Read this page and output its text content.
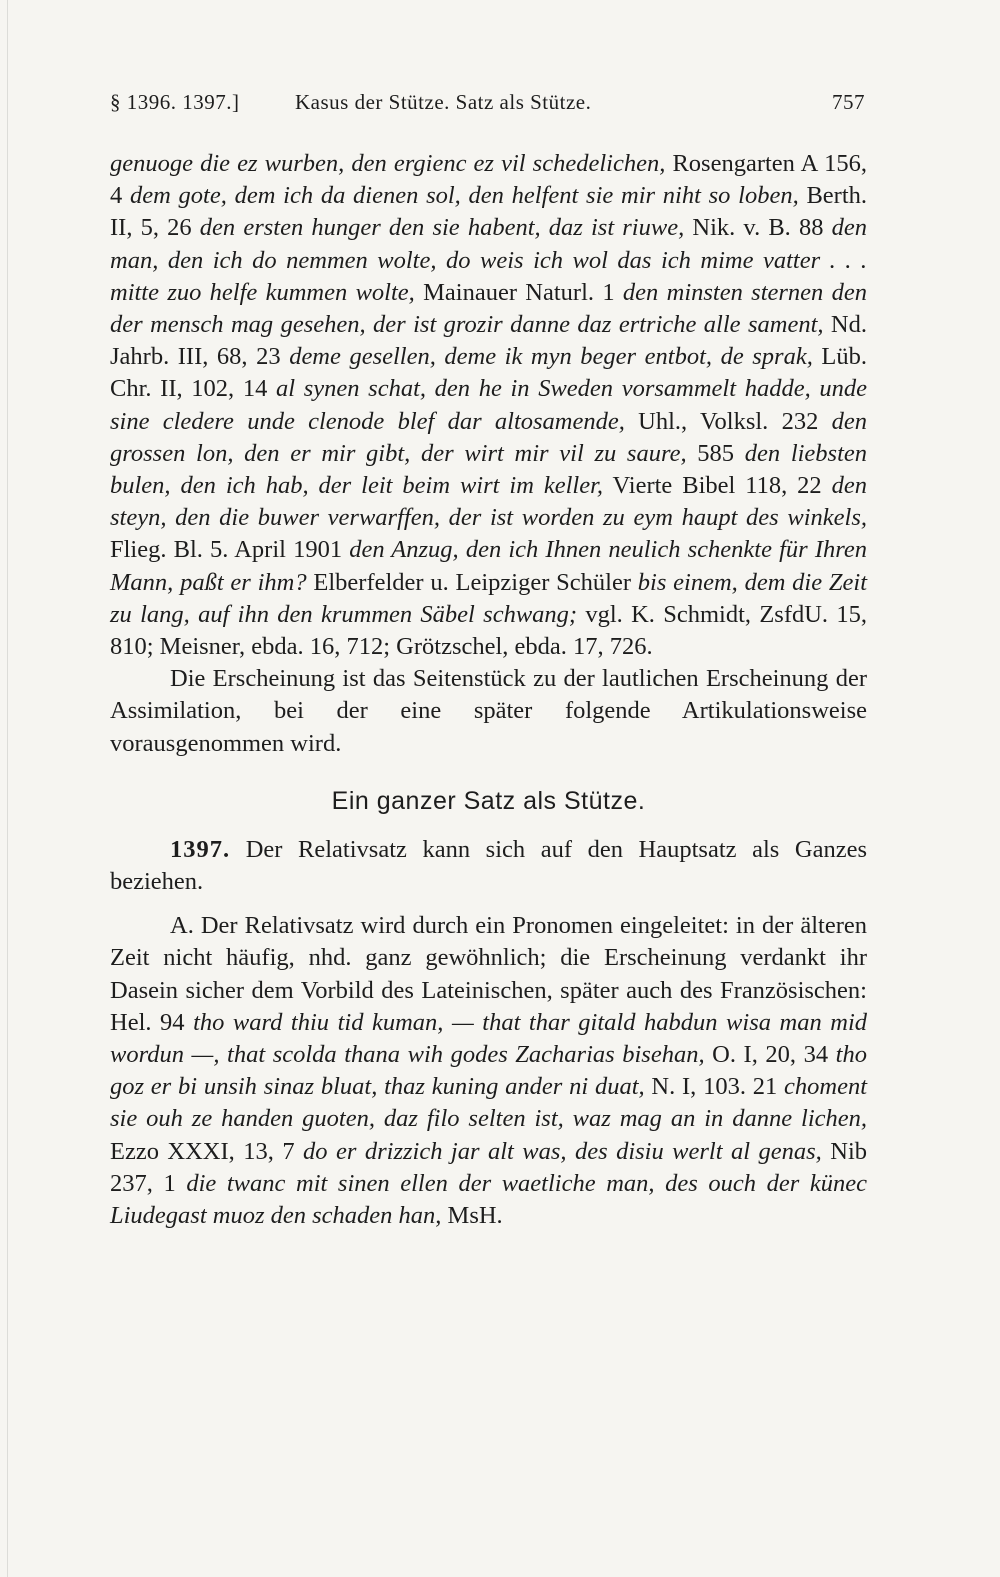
§ 1396. 1397.]	Kasus der Stütze. Satz als Stütze.	757

genuoge die ez wurben, den ergienc ez vil schedelichen, Rosengarten A 156, 4 dem gote, dem ich da dienen sol, den helfent sie mir niht so loben, Berth. II, 5, 26 den ersten hunger den sie habent, daz ist riuwe, Nik. v. B. 88 den man, den ich do nemmen wolte, do weis ich wol das ich mime vatter . . . mitte zuo helfe kummen wolte, Mainauer Naturl. 1 den minsten sternen den der mensch mag gesehen, der ist grozir danne daz ertriche alle sament, Nd. Jahrb. III, 68, 23 deme gesellen, deme ik myn beger entbot, de sprak, Lüb. Chr. II, 102, 14 al synen schat, den he in Sweden vorsammelt hadde, unde sine cledere unde clenode blef dar altosamende, Uhl., Volksl. 232 den grossen lon, den er mir gibt, der wirt mir vil zu saure, 585 den liebsten bulen, den ich hab, der leit beim wirt im keller, Vierte Bibel 118, 22 den steyn, den die buwer verwarffen, der ist worden zu eym haupt des winkels, Flieg. Bl. 5. April 1901 den Anzug, den ich Ihnen neulich schenkte für Ihren Mann, paßt er ihm? Elberfelder u. Leipziger Schüler bis einem, dem die Zeit zu lang, auf ihn den krummen Säbel schwang; vgl. K. Schmidt, ZsfdU. 15, 810; Meisner, ebda. 16, 712; Grötzschel, ebda. 17, 726.

Die Erscheinung ist das Seitenstück zu der lautlichen Erscheinung der Assimilation, bei der eine später folgende Artikulationsweise vorausgenommen wird.

Ein ganzer Satz als Stütze.

1397. Der Relativsatz kann sich auf den Hauptsatz als Ganzes beziehen.

A. Der Relativsatz wird durch ein Pronomen eingeleitet: in der älteren Zeit nicht häufig, nhd. ganz gewöhnlich; die Erscheinung verdankt ihr Dasein sicher dem Vorbild des Lateinischen, später auch des Französischen: Hel. 94 tho ward thiu tid kuman, — that thar gitald habdun wisa man mid wordun —, that scolda thana wih godes Zacharias bisehan, O. I, 20, 34 tho goz er bi unsih sinaz bluat, thaz kuning ander ni duat, N. I, 103. 21 choment sie ouh ze handen guoten, daz filo selten ist, waz mag an in danne lichen, Ezzo XXXI, 13, 7 do er drizzich jar alt was, des disiu werlt al genas, Nib 237, 1 die twanc mit sinen ellen der waetliche man, des ouch der künec Liudegast muoz den schaden han, MsH.
